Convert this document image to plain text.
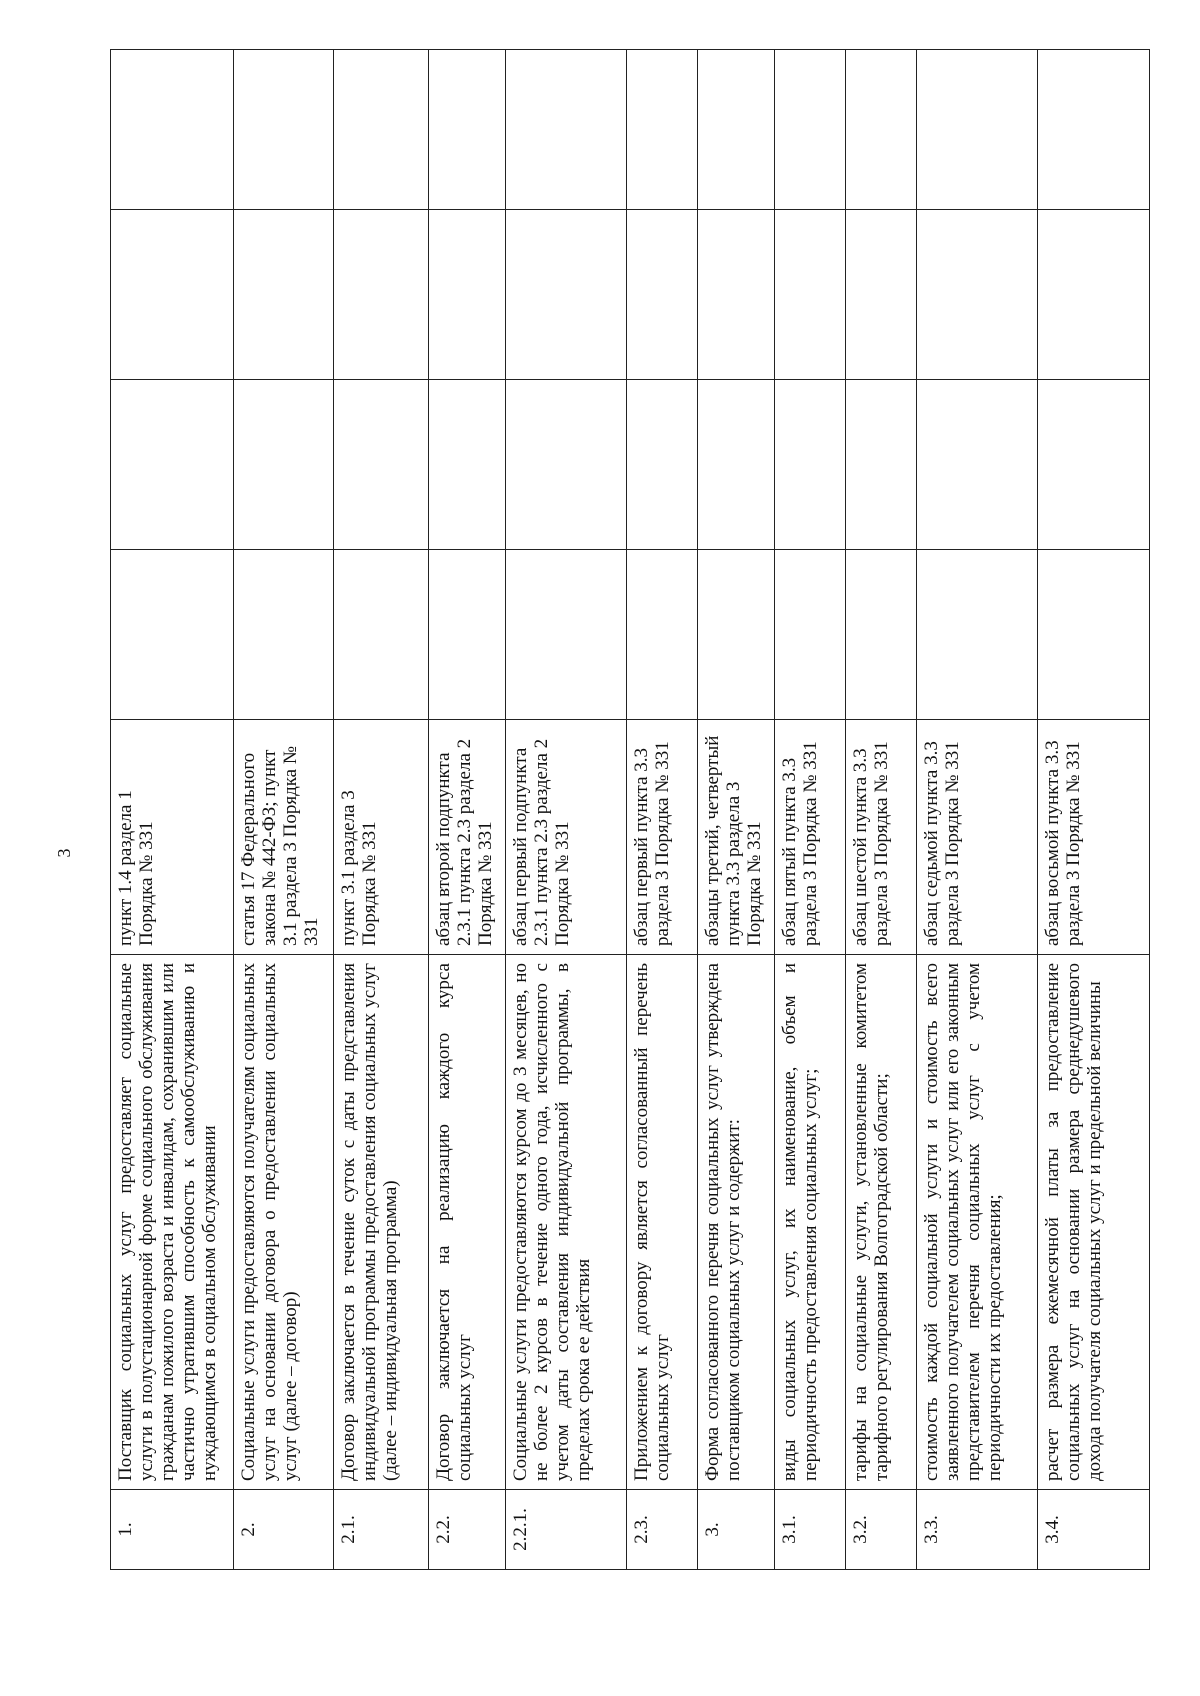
3
1.	Поставщик социальных услуг предоставляет социальные услуги в полустационарной форме социального обслуживания гражданам пожилого возраста и инвалидам, сохранившим или частично утратившим способность к самообслуживанию и нуждающимся в социальном обслуживании	пункт 1.4 раздела 1 Порядка № 331				
2.	Социальные услуги предоставляются получателям социальных услуг на основании договора о предоставлении социальных услуг (далее – договор)	статья 17 Федерального закона № 442-ФЗ; пункт 3.1 раздела 3 Порядка № 331				
2.1.	Договор заключается в течение суток с даты представления индивидуальной программы предоставления социальных услуг (далее – индивидуальная программа)	пункт 3.1 раздела 3 Порядка № 331				
2.2.	Договор заключается на реализацию каждого курса социальных услуг	абзац второй подпункта 2.3.1 пункта 2.3 раздела 2 Порядка № 331				
2.2.1.	Социальные услуги предоставляются курсом до 3 месяцев, но не более 2 курсов в течение одного года, исчисленного с учетом даты составления индивидуальной программы, в пределах срока ее действия	абзац первый подпункта 2.3.1 пункта 2.3 раздела 2 Порядка № 331				
2.3.	Приложением к договору является согласованный перечень социальных услуг	абзац первый пункта 3.3 раздела 3 Порядка № 331				
3.	Форма согласованного перечня социальных услуг утверждена поставщиком социальных услуг и содержит:	абзацы третий, четвертый пункта 3.3 раздела 3 Порядка № 331				
3.1.	виды социальных услуг, их наименование, объем и периодичность предоставления социальных услуг;	абзац пятый пункта 3.3 раздела 3 Порядка № 331				
3.2.	тарифы на социальные услуги, установленные комитетом тарифного регулирования Волгоградской области;	абзац шестой пункта 3.3 раздела 3 Порядка № 331				
3.3.	стоимость каждой социальной услуги и стоимость всего заявленного получателем социальных услуг или его законным представителем перечня социальных услуг с учетом периодичности их предоставления;	абзац седьмой пункта 3.3 раздела 3 Порядка № 331				
3.4.	расчет размера ежемесячной платы за предоставление социальных услуг на основании размера среднедушевого дохода получателя социальных услуг и предельной величины	абзац восьмой пункта 3.3 раздела 3 Порядка № 331				
